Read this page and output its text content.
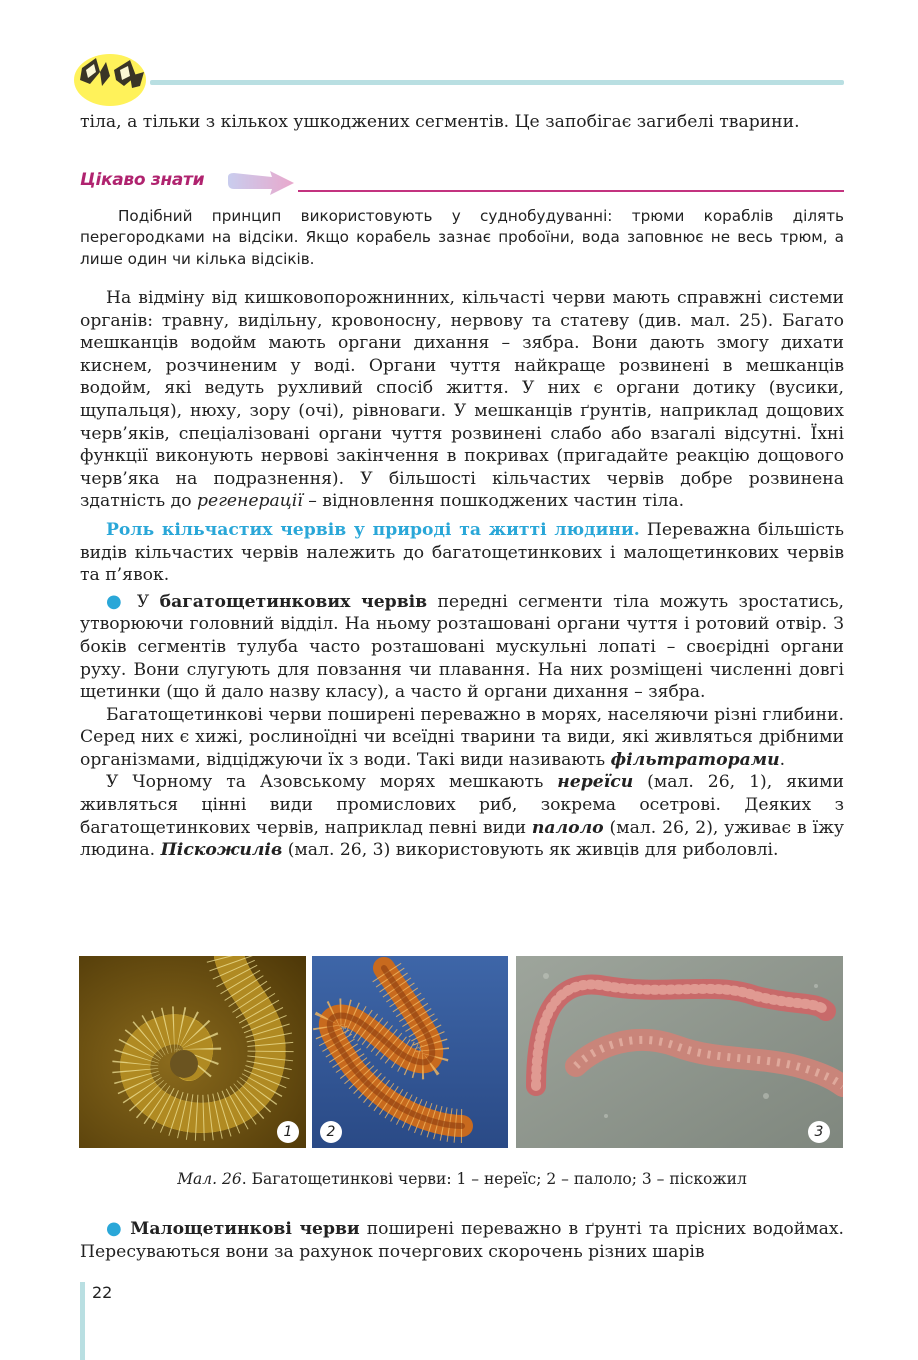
тіла, а тільки з кількох ушкоджених сегментів. Це запобігає загибелі тварини.

Цікаво знати

Подібний принцип використовують у суднобудуванні: трюми кораблів ділять перегородками на відсіки. Якщо корабель зазнає пробоїни, вода заповнює не весь трюм, а лише один чи кілька відсіків.

На відміну від кишковопорожнинних, кільчасті черви мають справжні системи органів: травну, видільну, кровоносну, нервову та статеву (див. мал. 25). Багато мешканців водойм мають органи дихання – зябра. Вони дають змогу дихати киснем, розчиненим у воді. Органи чуття найкраще розвинені в мешканців водойм, які ведуть рухливий спосіб життя. У них є органи дотику (вусики, щупальця), нюху, зору (очі), рівноваги. У мешканців ґрунтів, наприклад дощових черв’яків, спеціалізовані органи чуття розвинені слабо або взагалі відсутні. Їхні функції виконують нервові закінчення в покривах (пригадайте реакцію дощового черв’яка на подразнення). У більшості кільчастих червів добре розвинена здатність до регенерації – відновлення пошкоджених частин тіла.

Роль кільчастих червів у природі та житті людини. Переважна більшість видів кільчастих червів належить до багатощетинкових і малощетинкових червів та п’явок.

● У багатощетинкових червів передні сегменти тіла можуть зростатись, утворюючи головний відділ. На ньому розташовані органи чуття і ротовий отвір. З боків сегментів тулуба часто розташовані мускульні лопаті – своєрідні органи руху. Вони слугують для повзання чи плавання. На них розміщені численні довгі щетинки (що й дало назву класу), а часто й органи дихання – зябра.

Багатощетинкові черви поширені переважно в морях, населяючи різні глибини. Серед них є хижі, рослиноїдні чи всеїдні тварини та види, які живляться дрібними організмами, відціджуючи їх з води. Такі види називають фільтраторами.

У Чорному та Азовському морях мешкають нереїси (мал. 26, 1), якими живляться цінні види промислових риб, зокрема осетрові. Деяких з багатощетинкових червів, наприклад певні види палоло (мал. 26, 2), уживає в їжу людина. Піскожилів (мал. 26, 3) використовують як живців для риболовлі.

1	2	3
Мал. 26. Багатощетинкові черви: 1 – нереїс; 2 – палоло; 3 – піскожил

● Малощетинкові черви поширені переважно в ґрунті та прісних водоймах. Пересуваються вони за рахунок почергових скорочень різних шарів

22
